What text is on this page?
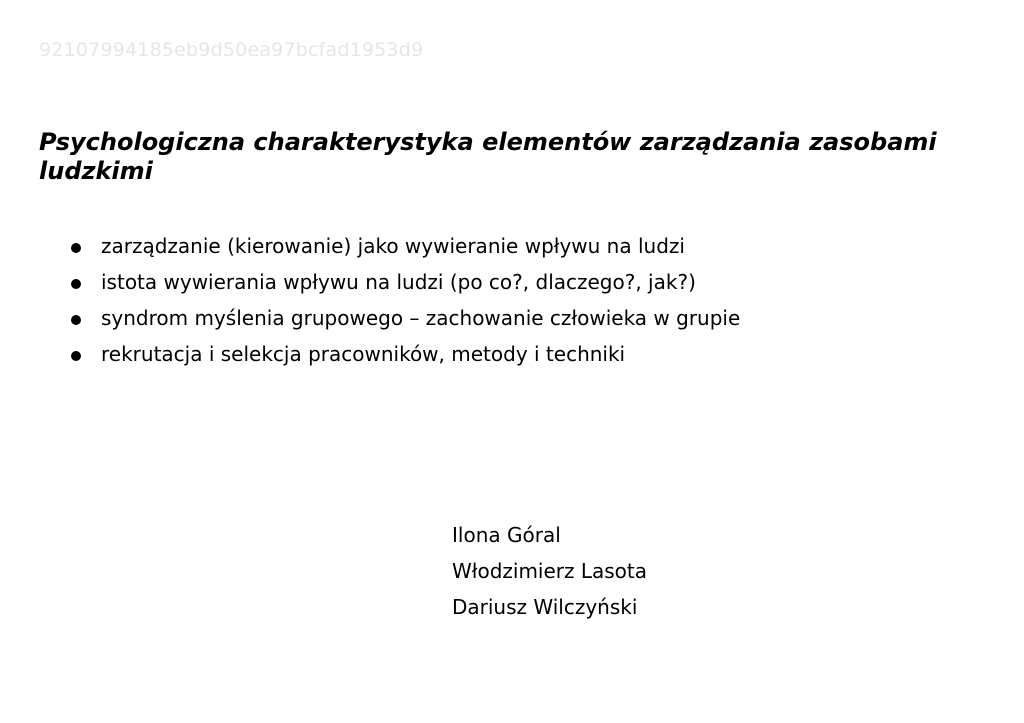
92107994185eb9d50ea97bcfad1953d9
Psychologiczna charakterystyka elementów zarządzania zasobami ludzkimi
zarządzanie (kierowanie) jako wywieranie wpływu na ludzi
istota wywierania wpływu na ludzi (po co?, dlaczego?, jak?)
syndrom myślenia grupowego – zachowanie człowieka w grupie
rekrutacja i selekcja pracowników, metody i techniki
Ilona Góral
Włodzimierz Lasota
Dariusz Wilczyński
